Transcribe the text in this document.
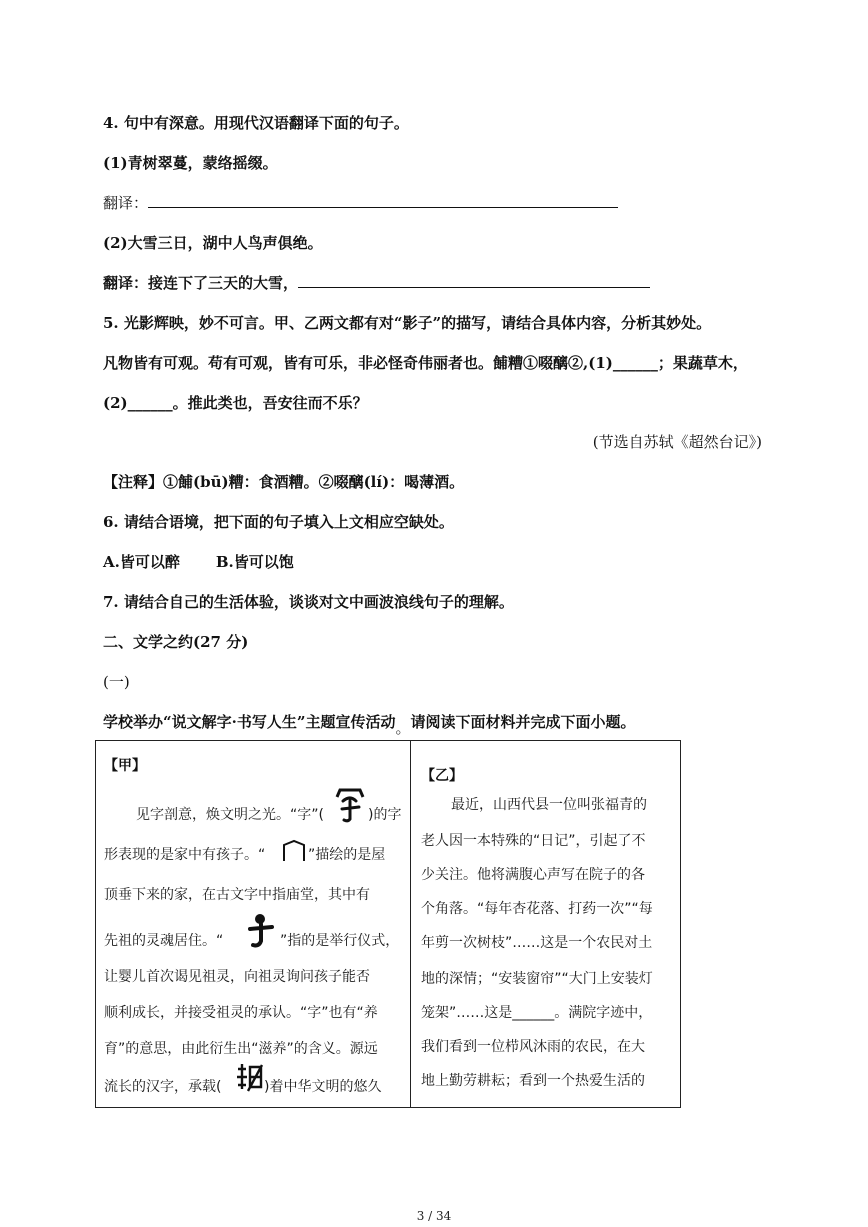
4. 句中有深意。用现代汉语翻译下面的句子。
(1)青树翠蔓，蒙络摇缀。
翻译：
(2)大雪三日，湖中人鸟声俱绝。
翻译：接连下了三天的大雪，
5. 光影辉映，妙不可言。甲、乙两文都有对“影子”的描写，请结合具体内容，分析其妙处。
凡物皆有可观。苟有可观，皆有可乐，非必怪奇伟丽者也。餔糟①啜醨②,(1)______；果蔬草木，
(2)______。推此类也，吾安往而不乐？
(节选自苏轼《超然台记》)
【注释】①餔(bū)糟：食酒糟。②啜醨(lí)：喝薄酒。
6. 请结合语境，把下面的句子填入上文相应空缺处。
A.皆可以醉 B.皆可以饱
7. 请结合自己的生活体验，谈谈对文中画波浪线句子的理解。
二、文学之约(27 分)
(一)
学校举办“说文解字·书写人生”主题宣传活动。请阅读下面材料并完成下面小题。
【甲】
见字剖意，焕文明之光。“字”(	)的字
形表现的是家中有孩子。“	”描绘的是屋
顶垂下来的家，在古文字中指庙堂，其中有
先祖的灵魂居住。“	”指的是举行仪式，
让婴儿首次谒见祖灵，向祖灵询问孩子能否
顺利成长，并接受祖灵的承认。“字”也有“养
育”的意思，由此衍生出“滋养”的含义。源远
流长的汉字，承载(	)着中华文明的悠久

【乙】
最近，山西代县一位叫张福青的
老人因一本特殊的“日记”，引起了不
少关注。他将满腹心声写在院子的各
个角落。“每年杏花落、打药一次”“每
年剪一次树枝”……这是一个农民对土
地的深情；“安装窗帘”“大门上安装灯
笼架”……这是______。满院字迹中，
我们看到一位栉风沐雨的农民，在大
地上勤劳耕耘；看到一个热爱生活的
3 / 34
